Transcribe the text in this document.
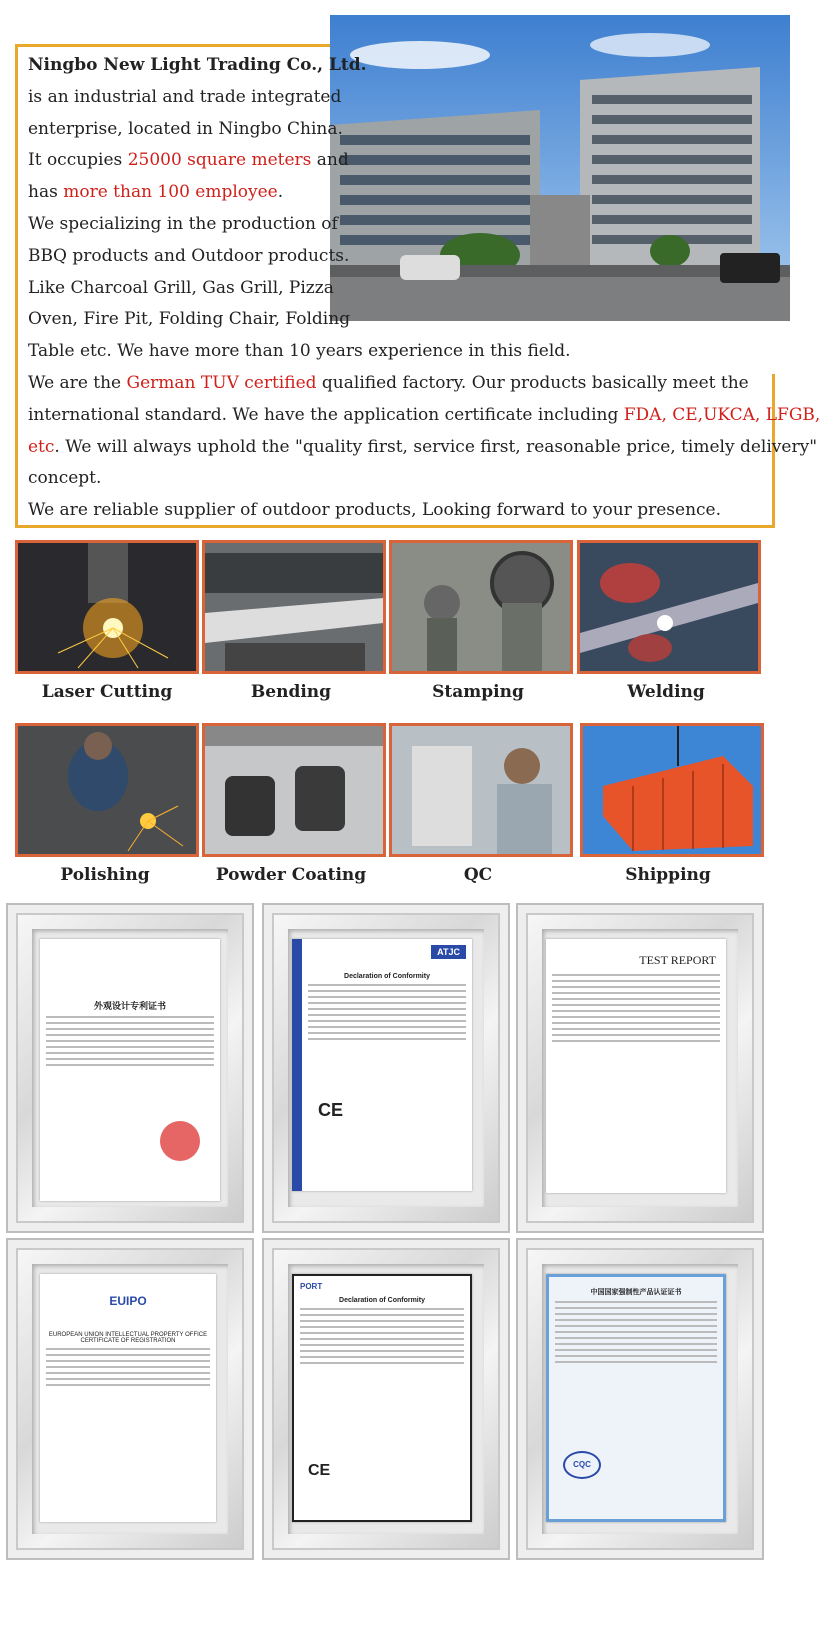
Ningbo New Light Trading Co., Ltd.
is an industrial and trade integrated
enterprise, located in Ningbo China.
It occupies 25000 square meters and
has more than 100 employee.
We specializing in the production of
BBQ products and Outdoor products.
Like Charcoal Grill, Gas Grill, Pizza
Oven, Fire Pit, Folding Chair, Folding
Table etc. We have more than 10 years experience in this field.
We are the German TUV certified qualified factory. Our products basically meet the
international standard. We have the application certificate including FDA, CE,UKCA, LFGB,
etc. We will always uphold the "quality first, service first, reasonable price, timely delivery"
concept.
We are reliable supplier of outdoor products, Looking forward to your presence.
Laser Cutting	Bending	Stamping	Welding
Polishing	Powder Coating	QC	Shipping
外观设计专利证书
ATJC
Declaration of Conformity
CE
TEST REPORT
EUIPO
EUROPEAN UNION INTELLECTUAL PROPERTY OFFICE
CERTIFICATE OF REGISTRATION
PORT
Declaration of Conformity
CE
中国国家强制性产品认证证书
CQC
